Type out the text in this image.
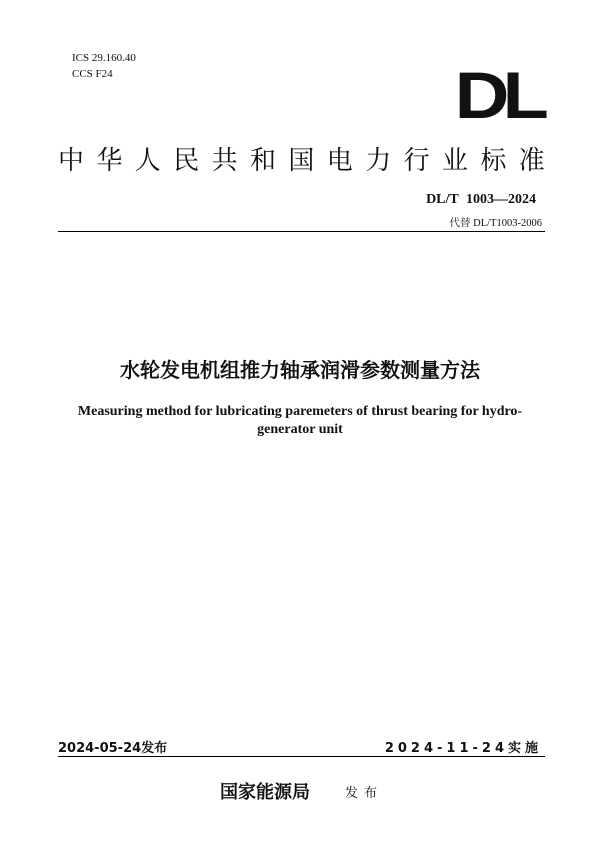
ICS 29.160.40
CCS F24	DL
中华人民共和国电力行业标准
DL/T 1003—2024
代替 DL/T1003-2006
水轮发电机组推力轴承润滑参数测量方法
Measuring method for lubricating paremeters of thrust bearing for hydro-generator unit
2024-05-24发布	2024-11-24实施
国家能源局	发布
